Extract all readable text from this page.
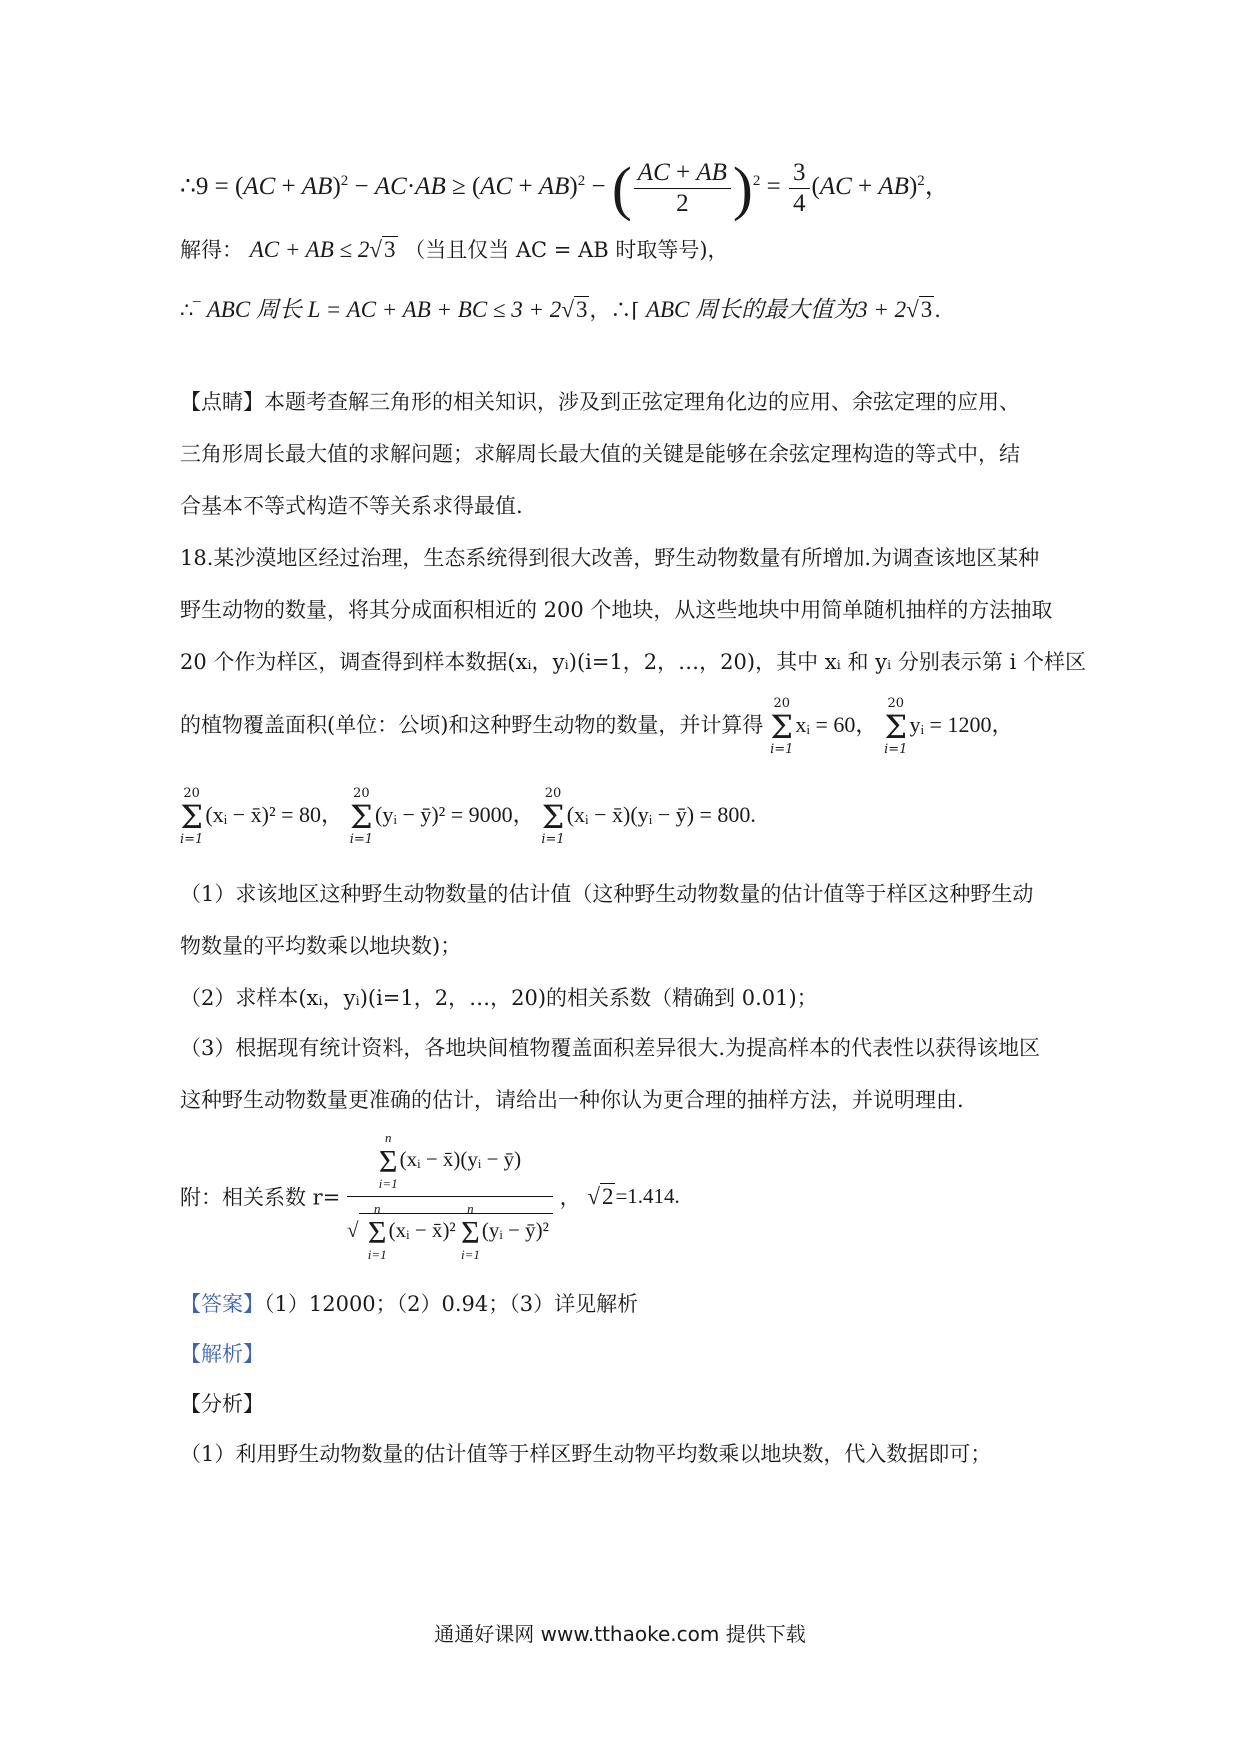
∴9 = (AC + AB)$^2$ − AC·AB ≥ (AC + AB)$^2$ − ( $\frac{AC + AB}{2} )^2 = \frac{3}{4} (AC + AB)^2$，
解得： AC + AB ≤ 2√3 （当且仅当 AC = AB 时取等号)，
∴‾ ABC 周长 L = AC + AB + BC ≤ 3 + 2√3，∴⌈ ABC 周长的最大值为3 + 2√3.
【点睛】本题考查解三角形的相关知识，涉及到正弦定理角化边的应用、余弦定理的应用、
三角形周长最大值的求解问题；求解周长最大值的关键是能够在余弦定理构造的等式中，结
合基本不等式构造不等关系求得最值.
18.某沙漠地区经过治理，生态系统得到很大改善，野生动物数量有所增加.为调查该地区某种
野生动物的数量，将其分成面积相近的 200 个地块，从这些地块中用简单随机抽样的方法抽取
20 个作为样区，调查得到样本数据(xᵢ，yᵢ)(i=1，2，…，20)，其中 xᵢ 和 yᵢ 分别表示第 i 个样区
的植物覆盖面积(单位：公顷)和这种野生动物的数量，并计算得
20
Σ
i=1
xᵢ = 60，
20
Σ
i=1
yᵢ = 1200，
20
Σ
i=1
(xᵢ − x̄)² = 80，
20
Σ
i=1
(yᵢ − ȳ)² = 9000，
20
Σ
i=1
(xᵢ − x̄)(yᵢ − ȳ) = 800.
（1）求该地区这种野生动物数量的估计值（这种野生动物数量的估计值等于样区这种野生动
物数量的平均数乘以地块数)；
（2）求样本(xᵢ，yᵢ)(i=1，2，…，20)的相关系数（精确到 0.01)；
（3）根据现有统计资料，各地块间植物覆盖面积差异很大.为提高样本的代表性以获得该地区
这种野生动物数量更准确的估计，请给出一种你认为更合理的抽样方法，并说明理由.
附：相关系数 r= n
Σ
i=1
(xᵢ − x̄)(yᵢ − ȳ)
√
n
Σ
i=1
(xᵢ − x̄)²
n
Σ
i=1
(yᵢ − ȳ)² ， √2=1.414.
【答案】（1）12000；（2）0.94；（3）详见解析
【解析】
【分析】
（1）利用野生动物数量的估计值等于样区野生动物平均数乘以地块数，代入数据即可；
通通好课网 www.tthaoke.com 提供下载
